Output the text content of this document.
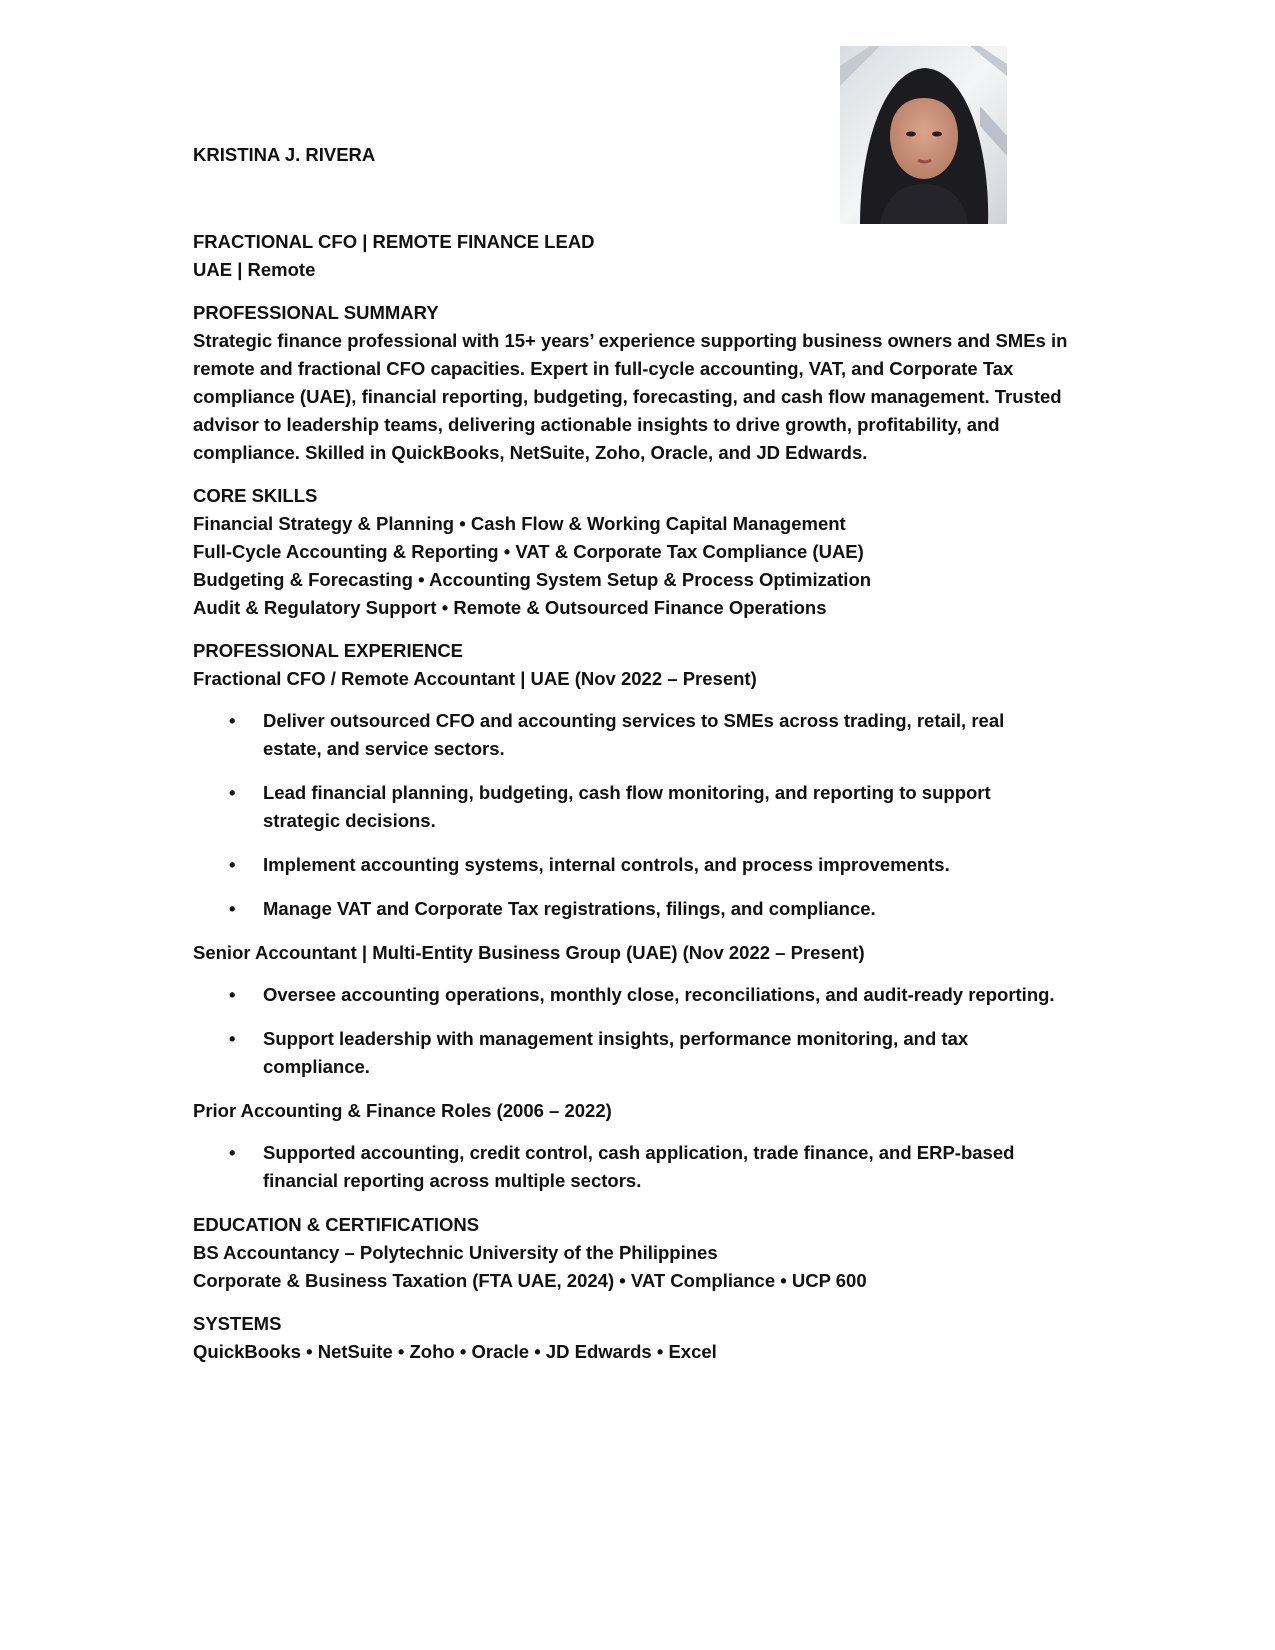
KRISTINA J. RIVERA
FRACTIONAL CFO | REMOTE FINANCE LEAD
UAE | Remote
PROFESSIONAL SUMMARY
Strategic finance professional with 15+ years’ experience supporting business owners and SMEs in remote and fractional CFO capacities. Expert in full-cycle accounting, VAT, and Corporate Tax compliance (UAE), financial reporting, budgeting, forecasting, and cash flow management. Trusted advisor to leadership teams, delivering actionable insights to drive growth, profitability, and compliance. Skilled in QuickBooks, NetSuite, Zoho, Oracle, and JD Edwards.
CORE SKILLS
Financial Strategy & Planning • Cash Flow & Working Capital Management
Full-Cycle Accounting & Reporting • VAT & Corporate Tax Compliance (UAE)
Budgeting & Forecasting • Accounting System Setup & Process Optimization
Audit & Regulatory Support • Remote & Outsourced Finance Operations
PROFESSIONAL EXPERIENCE
Fractional CFO / Remote Accountant | UAE (Nov 2022 – Present)
• Deliver outsourced CFO and accounting services to SMEs across trading, retail, real estate, and service sectors.
• Lead financial planning, budgeting, cash flow monitoring, and reporting to support strategic decisions.
• Implement accounting systems, internal controls, and process improvements.
• Manage VAT and Corporate Tax registrations, filings, and compliance.
Senior Accountant | Multi-Entity Business Group (UAE) (Nov 2022 – Present)
• Oversee accounting operations, monthly close, reconciliations, and audit-ready reporting.
• Support leadership with management insights, performance monitoring, and tax compliance.
Prior Accounting & Finance Roles (2006 – 2022)
• Supported accounting, credit control, cash application, trade finance, and ERP-based financial reporting across multiple sectors.
EDUCATION & CERTIFICATIONS
BS Accountancy – Polytechnic University of the Philippines
Corporate & Business Taxation (FTA UAE, 2024) • VAT Compliance • UCP 600
SYSTEMS
QuickBooks • NetSuite • Zoho • Oracle • JD Edwards • Excel
